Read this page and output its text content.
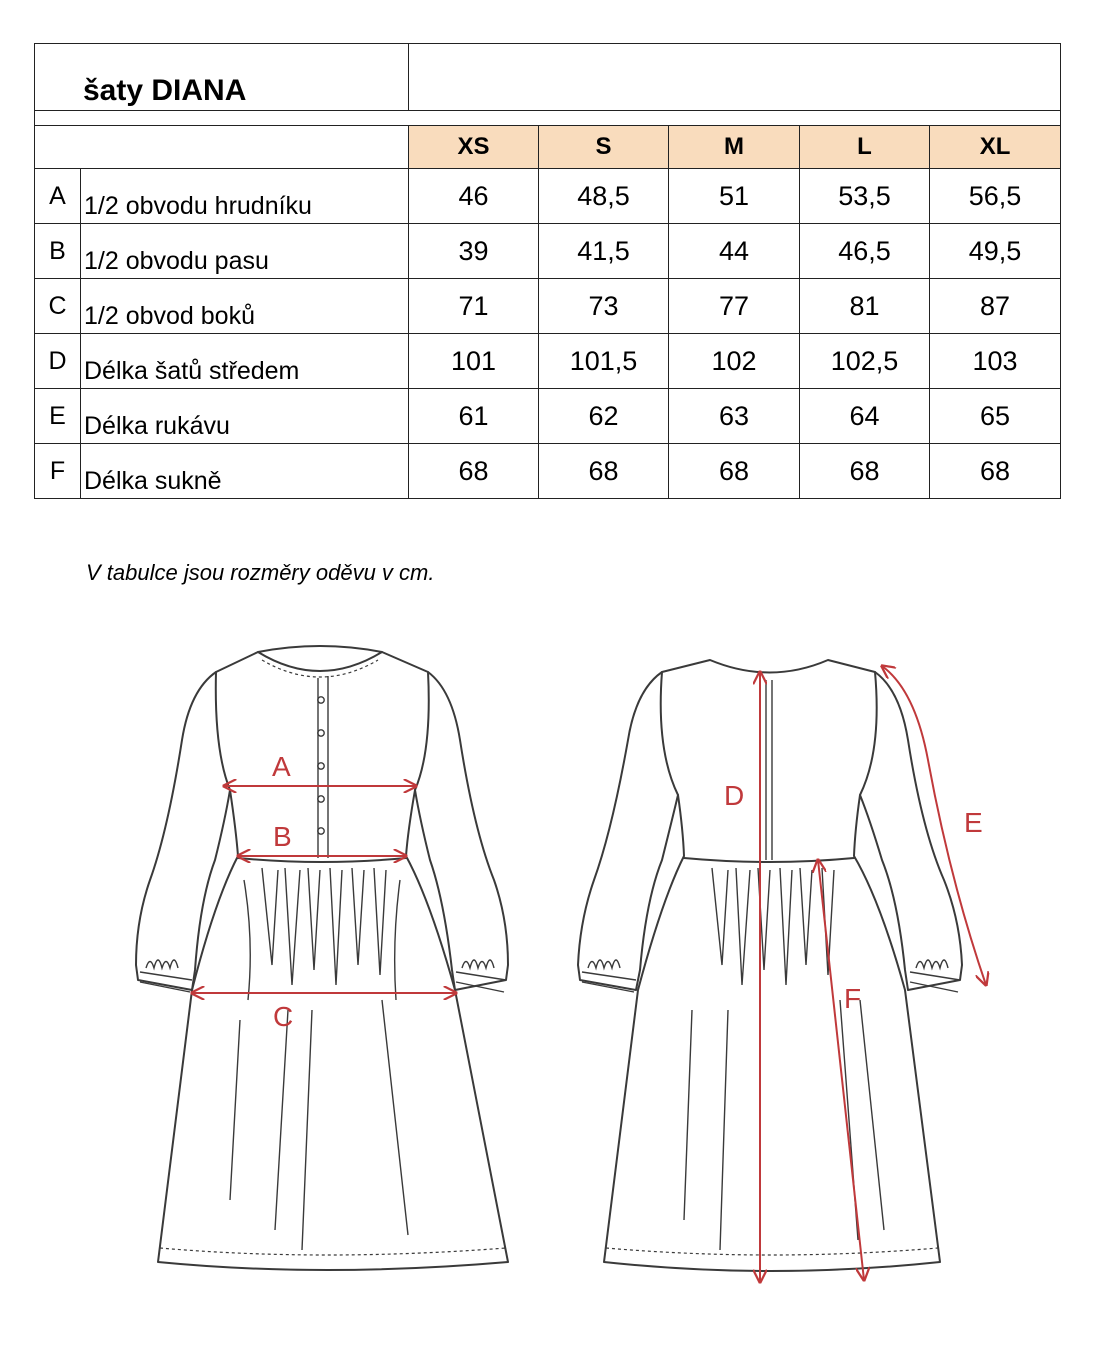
šaty DIANA						

		XS	S	M	L	XL
A	1/2 obvodu hrudníku	46	48,5	51	53,5	56,5
B	1/2 obvodu pasu	39	41,5	44	46,5	49,5
C	1/2 obvod boků	71	73	77	81	87
D	Délka šatů středem	101	101,5	102	102,5	103
E	Délka rukávu	61	62	63	64	65
F	Délka sukně	68	68	68	68	68
V tabulce jsou rozměry oděvu v cm.
A
B
C
D
E
F
